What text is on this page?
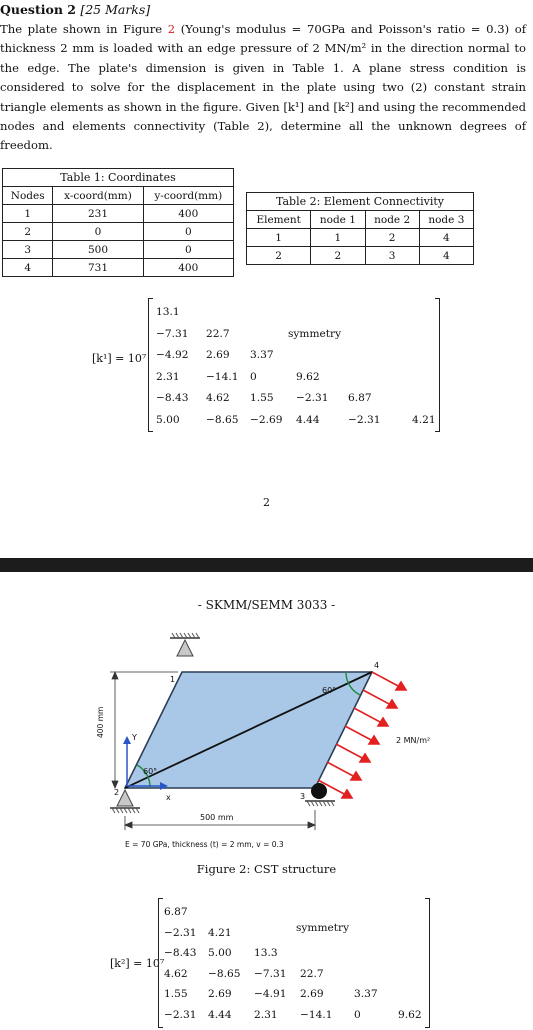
Question 2 [25 Marks]
The plate shown in Figure 2 (Young's modulus = 70GPa and Poisson's ratio = 0.3) of thickness 2 mm is loaded with an edge pressure of 2 MN/m² in the direction normal to the edge. The plate's dimension is given in Table 1. A plane stress condition is considered to solve for the displacement in the plate using two (2) constant strain triangle elements as shown in the figure. Given [k¹] and [k²] and using the recommended nodes and elements connectivity (Table 2), determine all the unknown degrees of freedom.
Table 1: Coordinates		
Nodes	x-coord(mm)	y-coord(mm)
1	231	400
2	0	0
3	500	0
4	731	400
Table 2: Element Connectivity			
Element	node 1	node 2	node 3
1	1	2	4
2	2	3	4
[k¹] = 10⁷
symmetry
13.1
−7.31 22.7
−4.92 2.69 3.37
2.31 −14.1 0	9.62
−8.43 4.62 1.55 −2.31 6.87
5.00 −8.65 −2.69 4.44	−2.31	4.21
2
- SKMM/SEMM 3033 -
60°
60°
1
2	3
4
Y
x
2 MN/m²
400 mm
500 mm
E = 70 GPa, thickness (t) = 2 mm, v = 0.3
Figure 2: CST structure
[k²] = 10⁷
symmetry
6.87
−2.31 4.21
−8.43 5.00 13.3
4.62 −8.65 −7.31 22.7
1.55 2.69 −4.91 2.69	3.37
−2.31 4.44 2.31 −14.1 0	9.62
